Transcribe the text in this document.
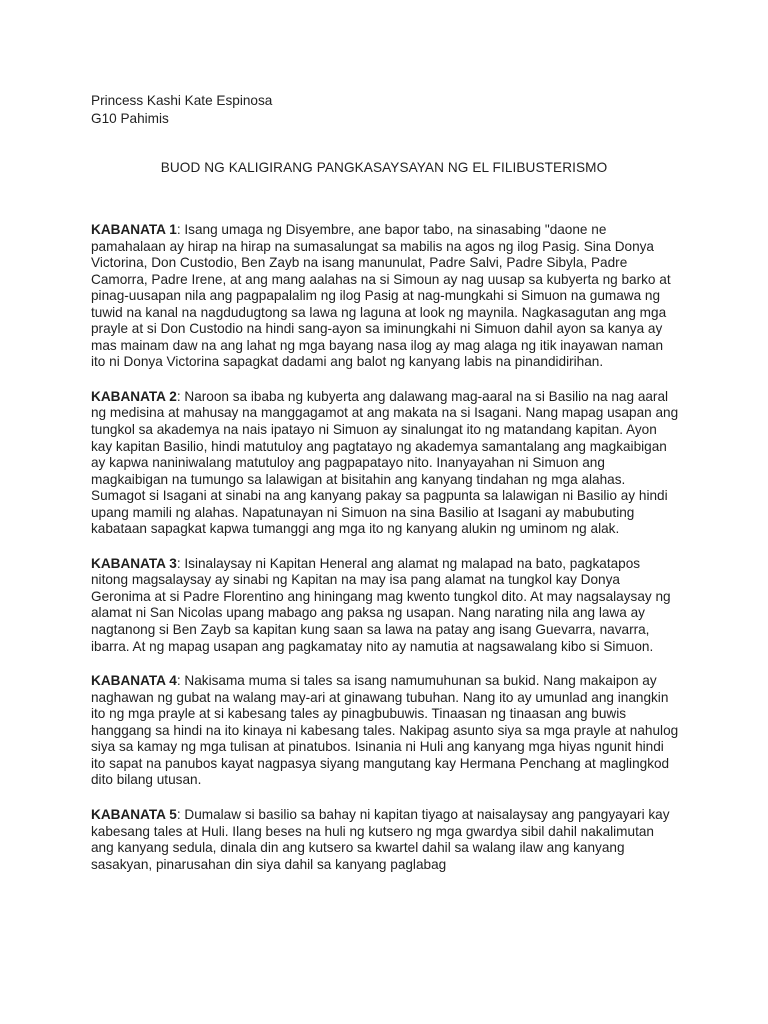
Princess Kashi Kate Espinosa
G10 Pahimis
BUOD NG KALIGIRANG PANGKASAYSAYAN NG EL FILIBUSTERISMO

KABANATA 1: Isang umaga ng Disyembre, ane bapor tabo, na sinasabing "daone ne pamahalaan ay hirap na hirap na sumasalungat sa mabilis na agos ng ilog Pasig. Sina Donya Victorina, Don Custodio, Ben Zayb na isang manunulat, Padre Salvi, Padre Sibyla, Padre Camorra, Padre Irene, at ang mang aalahas na si Simoun ay nag uusap sa kubyerta ng barko at pinag-uusapan nila ang pagpapalalim ng ilog Pasig at nag-mungkahi si Simuon na gumawa ng tuwid na kanal na nagdudugtong sa lawa ng laguna at look ng maynila. Nagkasagutan ang mga prayle at si Don Custodio na hindi sang-ayon sa iminungkahi ni Simuon dahil ayon sa kanya ay mas mainam daw na ang lahat ng mga bayang nasa ilog ay mag alaga ng itik inayawan naman ito ni Donya Victorina sapagkat dadami ang balot ng kanyang labis na pinandidirihan.

KABANATA 2: Naroon sa ibaba ng kubyerta ang dalawang mag-aaral na si Basilio na nag aaral ng medisina at mahusay na manggagamot at ang makata na si Isagani. Nang mapag usapan ang tungkol sa akademya na nais ipatayo ni Simuon ay sinalungat ito ng matandang kapitan. Ayon kay kapitan Basilio, hindi matutuloy ang pagtatayo ng akademya samantalang ang magkaibigan ay kapwa naniniwalang matutuloy ang pagpapatayo nito. Inanyayahan ni Simuon ang magkaibigan na tumungo sa lalawigan at bisitahin ang kanyang tindahan ng mga alahas. Sumagot si Isagani at sinabi na ang kanyang pakay sa pagpunta sa lalawigan ni Basilio ay hindi upang mamili ng alahas. Napatunayan ni Simuon na sina Basilio at Isagani ay mabubuting kabataan sapagkat kapwa tumanggi ang mga ito ng kanyang alukin ng uminom ng alak.

KABANATA 3: Isinalaysay ni Kapitan Heneral ang alamat ng malapad na bato, pagkatapos nitong magsalaysay ay sinabi ng Kapitan na may isa pang alamat na tungkol kay Donya Geronima at si Padre Florentino ang hiningang mag kwento tungkol dito. At may nagsalaysay ng alamat ni San Nicolas upang mabago ang paksa ng usapan. Nang narating nila ang lawa ay nagtanong si Ben Zayb sa kapitan kung saan sa lawa na patay ang isang Guevarra, navarra, ibarra. At ng mapag usapan ang pagkamatay nito ay namutia at nagsawalang kibo si Simuon.

KABANATA 4: Nakisama muma si tales sa isang namumuhunan sa bukid. Nang makaipon ay naghawan ng gubat na walang may-ari at ginawang tubuhan. Nang ito ay umunlad ang inangkin ito ng mga prayle at si kabesang tales ay pinagbubuwis. Tinaasan ng tinaasan ang buwis hanggang sa hindi na ito kinaya ni kabesang tales. Nakipag asunto siya sa mga prayle at nahulog siya sa kamay ng mga tulisan at pinatubos. Isinania ni Huli ang kanyang mga hiyas ngunit hindi ito sapat na panubos kayat nagpasya siyang mangutang kay Hermana Penchang at maglingkod dito bilang utusan.

KABANATA 5: Dumalaw si basilio sa bahay ni kapitan tiyago at naisalaysay ang pangyayari kay kabesang tales at Huli. Ilang beses na huli ng kutsero ng mga gwardya sibil dahil nakalimutan ang kanyang sedula, dinala din ang kutsero sa kwartel dahil sa walang ilaw ang kanyang sasakyan, pinarusahan din siya dahil sa kanyang paglabag
